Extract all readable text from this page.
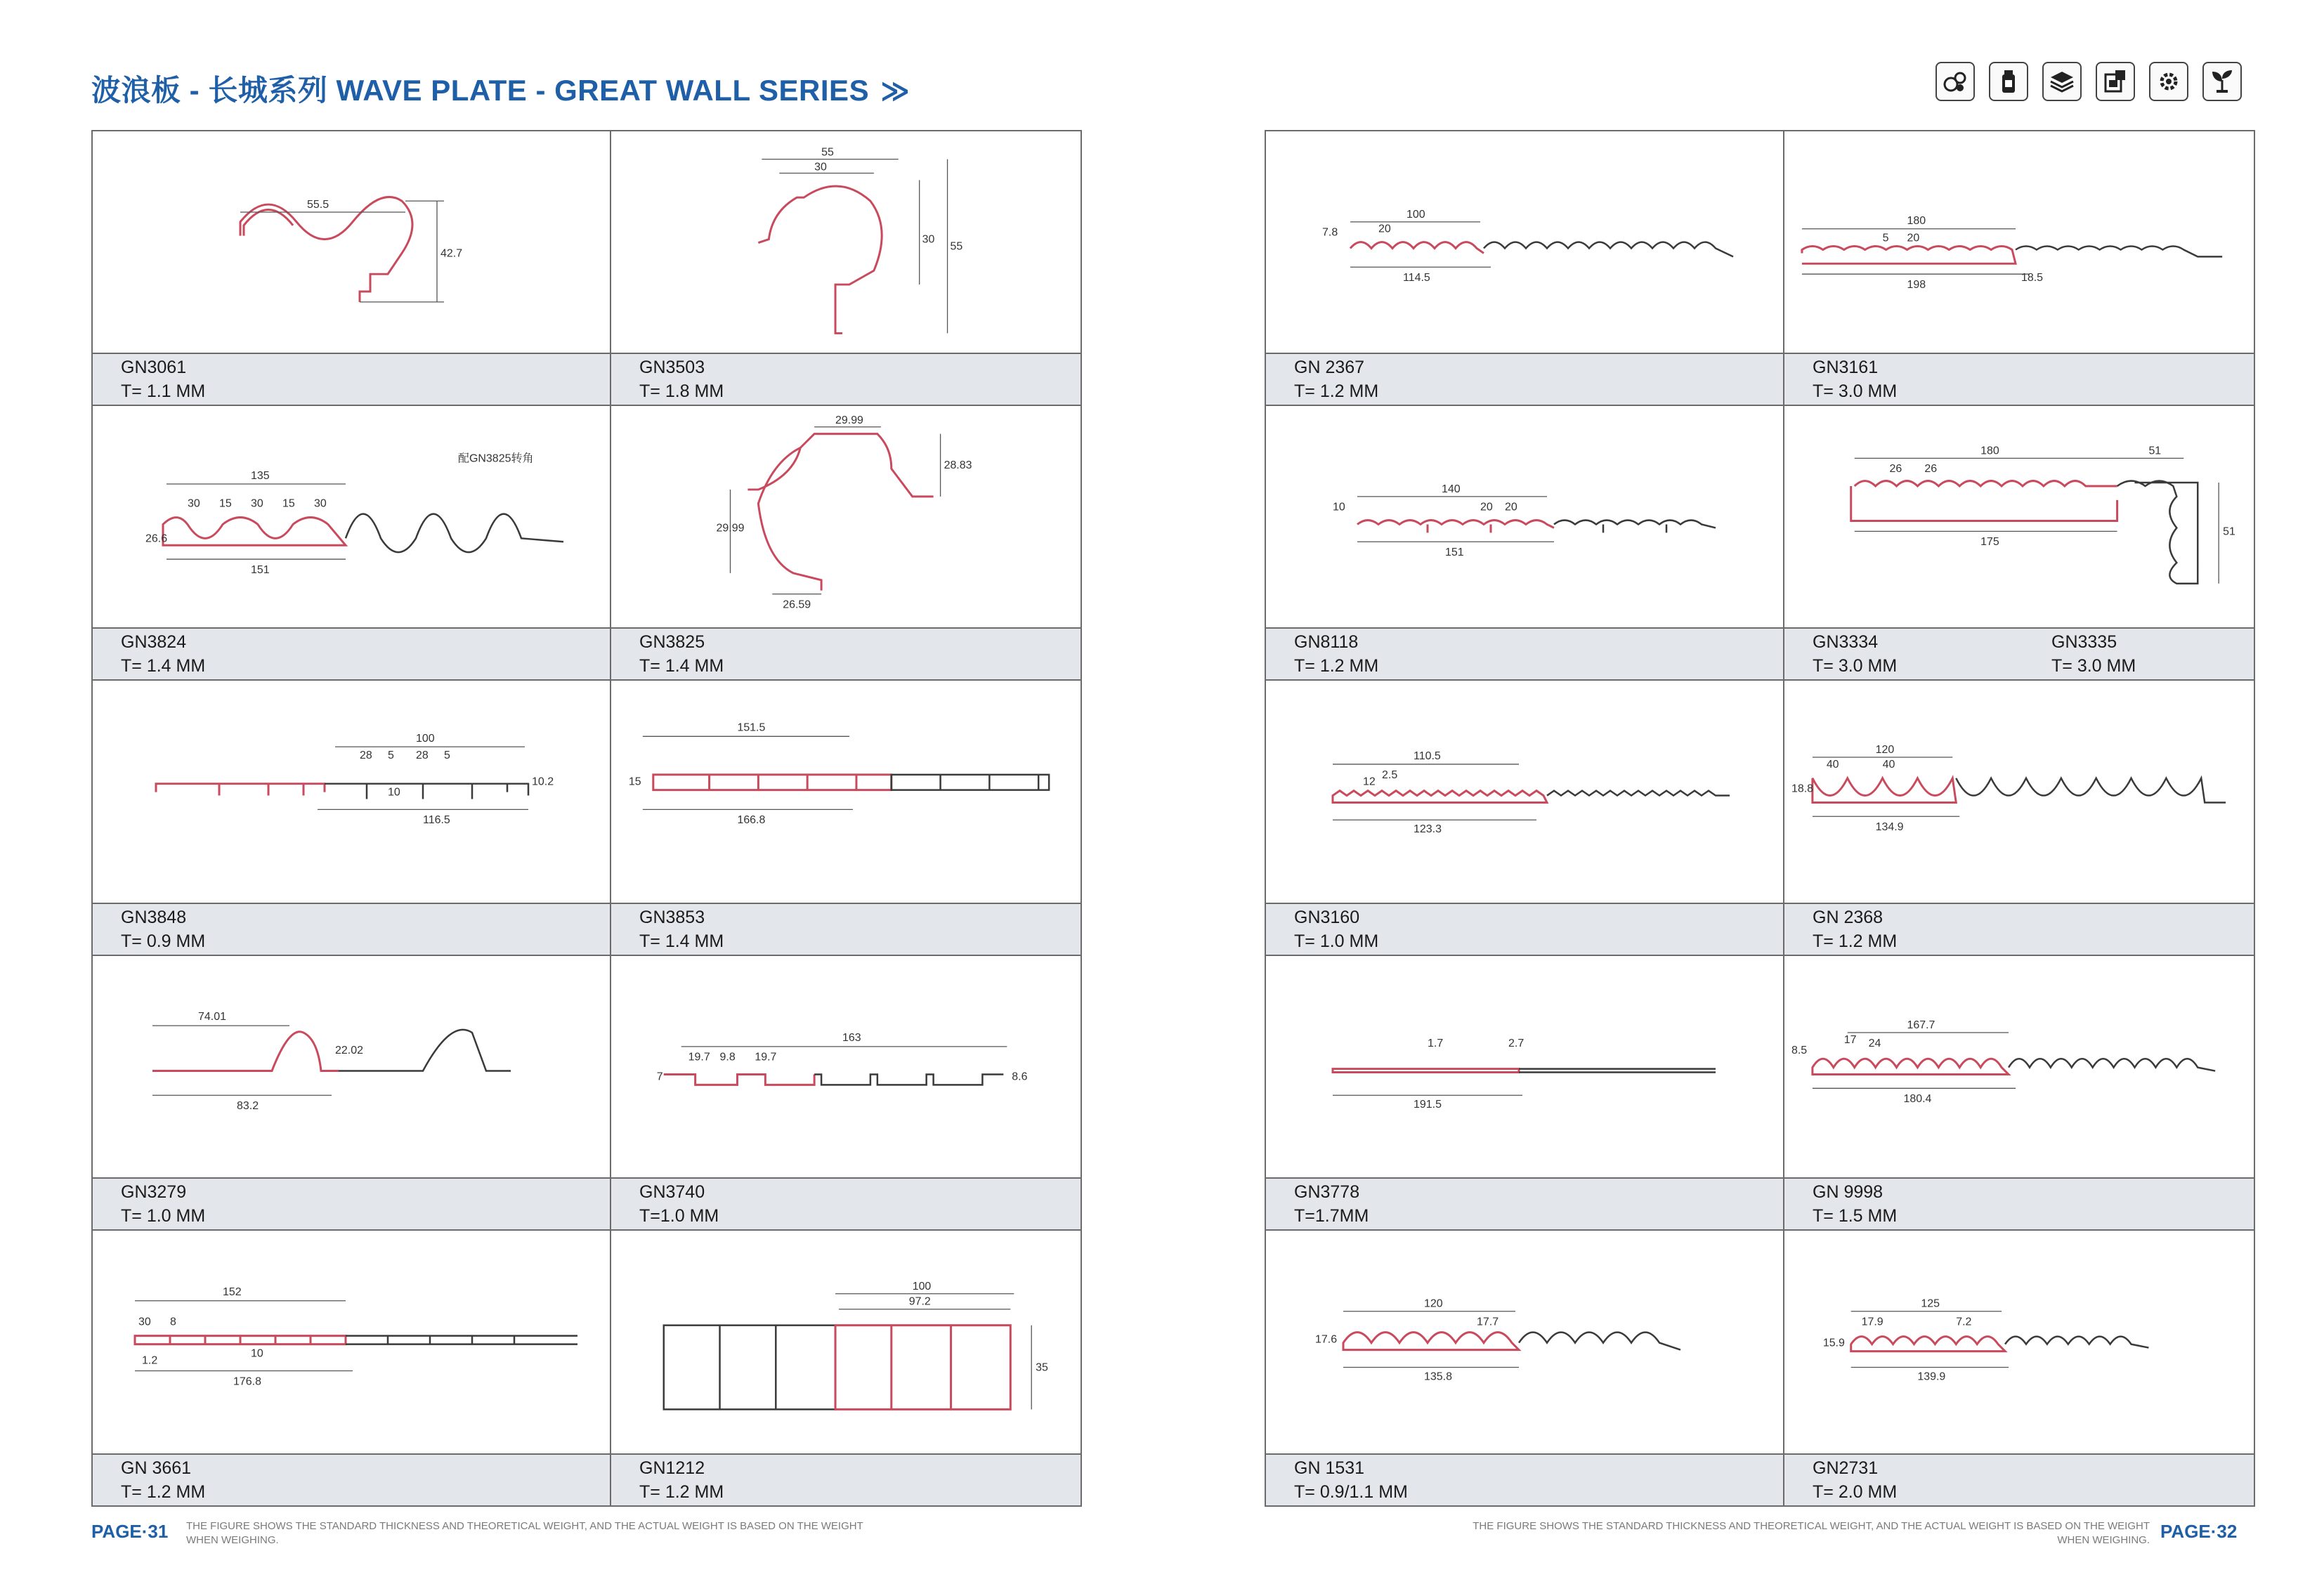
波浪板 - 长城系列 WAVE PLATE - GREAT WALL SERIES ≫
55.5
42.7
GN3061
T= 1.1 MM
55
30
30
55
GN3503
T= 1.8 MM
135
30 15 30 15 30
26.6
151
配GN3825转角
GN3824
T= 1.4 MM
29.99
28.83
29.99
26.59
GN3825
T= 1.4 MM
100
28 5 28 5
116.5
10.2
10
GN3848
T= 0.9 MM
151.5
15
166.8
GN3853
T= 1.4 MM
74.01
22.02
83.2
GN3279
T= 1.0 MM
163
19.7 9.8 19.7
7	8.6
GN3740
T=1.0 MM
152
30 8
1.2
10
176.8
GN 3661
T= 1.2 MM
100
97.2
35
GN1212
T= 1.2 MM
100
20
7.8
114.5
GN 2367
T= 1.2 MM
180
5 20
198
18.5
GN3161
T= 3.0 MM
140
20 20
10
151
GN8118
T= 1.2 MM
180	51
26 26
175
51
GN3334
T= 3.0 MM
GN3335
T= 3.0 MM
110.5
12
2.5
123.3
GN3160
T= 1.0 MM
120
40	40
18.8
134.9
GN 2368
T= 1.2 MM
1.7	2.7
191.5
GN3778
T=1.7MM
167.7
17 24
8.5
180.4
GN 9998
T= 1.5 MM
120
17.7
17.6
135.8
GN 1531
T= 0.9/1.1 MM
125
17.9	7.2
15.9
139.9
GN2731
T= 2.0 MM
PAGE·31 THE FIGURE SHOWS THE STANDARD THICKNESS AND THEORETICAL WEIGHT, AND THE ACTUAL WEIGHT IS BASED ON THE WEIGHT WHEN WEIGHING.
THE FIGURE SHOWS THE STANDARD THICKNESS AND THEORETICAL WEIGHT, AND THE ACTUAL WEIGHT IS BASED ON THE WEIGHT WHEN WEIGHING. PAGE·32
